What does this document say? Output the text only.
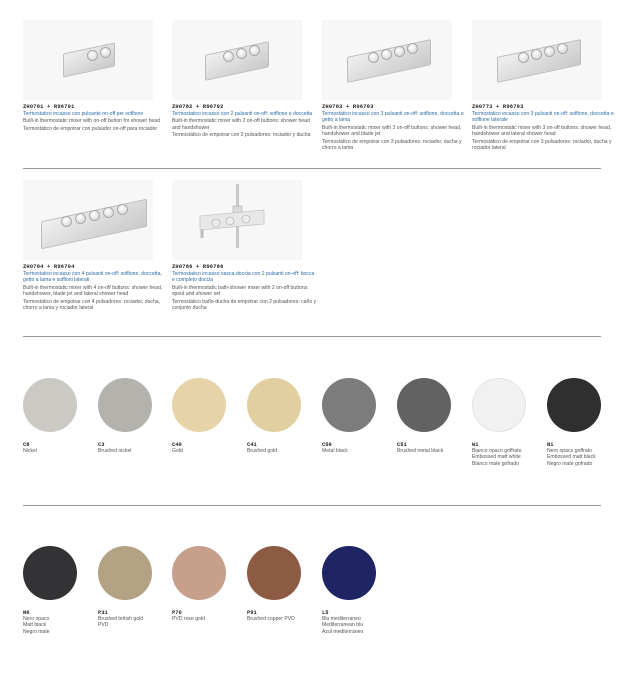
ZH0781 + R96701
Termostatico incasso con pulsante on-off per soffione
Built-in thermostatic mixer with on-off button for shower head
Termostático de empotrar con pulsador on-off para rociador
ZH0782 + R96702
Termostatico incasso con 2 pulsanti on-off: soffione e doccetta
Built-in thermostatic mixer with 2 on-off buttons: shower head and handshower
Termostático de empotrar con 2 pulsadores: rociador y ducha
ZH0783 + R96703
Termostatico incasso con 3 pulsanti on-off: soffione, doccetta e getto a lama
Built-in thermostatic mixer with 3 on-off buttons: shower head, handshower and blade jet
Termostático de empotrar con 3 pulsadores: rociador, ducha y chorro a lama
ZH0773 + R96703
Termostatico incasso con 3 pulsanti on-off: soffione, doccetta e soffione laterale
Built-in thermostatic mixer with 3 on-off buttons: shower head, handshower and lateral shower head
Termostático de empotrar con 3 pulsadores: rociador, ducha y rociador lateral
ZH0784 + R96704
Termostatico incasso con 4 pulsanti on-off: soffione, doccetta, getto a lama e soffioni laterali
Built-in thermostatic mixer with 4 on-off buttons: shower head, handshower, blade jet and lateral shower head
Termostático de empotrar con 4 pulsadores: rociador, ducha, chorro a lama y rociador lateral
ZH0786 + R96786
Termostatico incasso vasca-doccia con 2 pulsanti on-off: bocca e completo doccia
Built-in thermostatic bath-shower mixer with 2 on-off buttons: spout and shower set
Termostático baño-ducha de empotrar con 2 pulsadores: caño y conjunto ducha
C8
Nickel
C3
Brushed nickel
C40
Gold
C41
Brushed gold
C50
Metal black
C51
Brushed metal black
W1
Bianco opaco goffrato
Embossed matt white
Blanco mate gofrado
N1
Nero opaco goffrato
Embossed matt black
Negro mate gofrado
N6
Nero opaco
Matt black
Negro mate
P31
Brushed british gold
PVD
P70
PVD rose gold
P91
Brushed copper PVD
L5
Blu mediterraneo
Mediterranean blu
Azul mediterráneo
